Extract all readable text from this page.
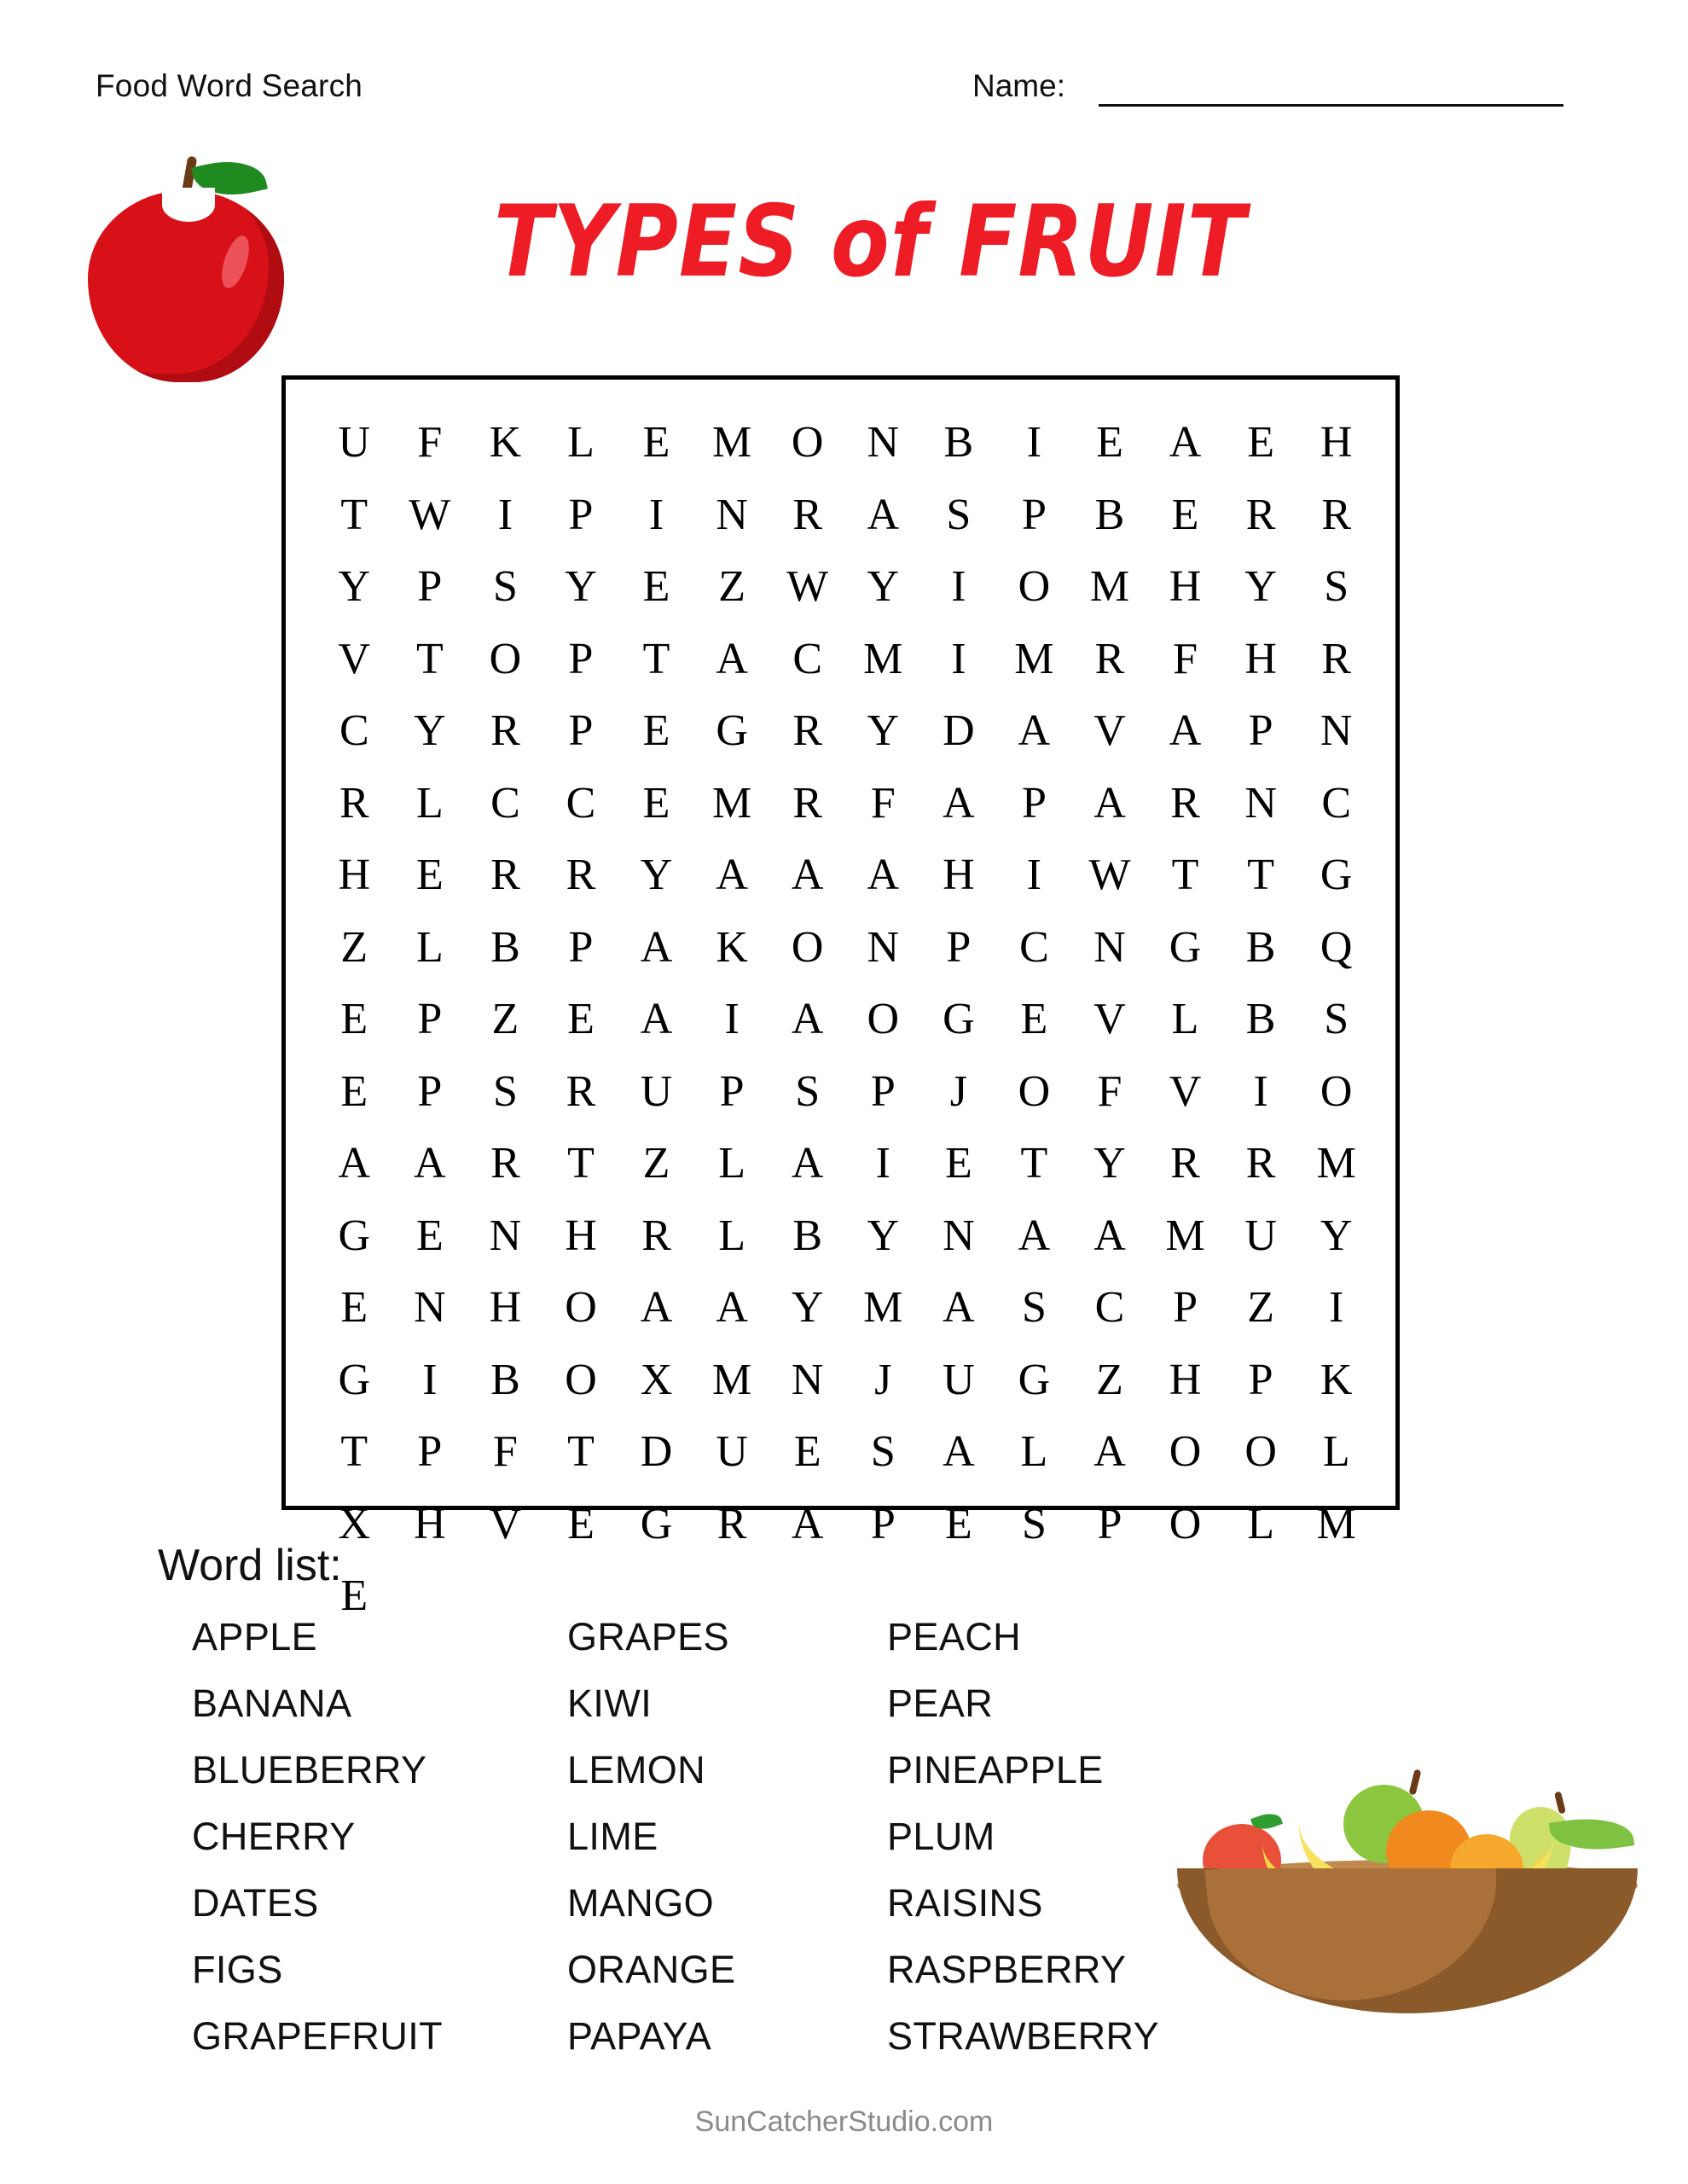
Food Word Search	Name:
TYPES of FRUIT
U	F	K	L	E M O N	B	I	E	A	E	H
T W	I	P	I	N	R	A	S	P	B	E	R	R
Y	P	S	Y	E	Z W Y	I	O M H Y	S
V	T	O	P	T	A	C M	I	M R	F	H	R
C	Y	R	P	E	G	R	Y D A V A	P	N
R	L	C	C	E M R	F	A	P	A	R	N	C
H	E	R	R	Y A A A H	I	W T	T	G
Z	L	B	P	A K O N	P	C	N G	B	Q
E	P	Z	E	A	I	A O G	E	V	L	B	S
E	P	S	R	U	P	S	P	J	O	F	V	I	O
A A	R	T	Z	L	A	I	E	T	Y	R	R M
G	E	N H	R	L	B	Y N A A M U Y
E	N H O A A Y M A	S	C	P	Z	I
G	I	B	O X M N	J	U G	Z	H	P	K
T	P	F	T	D U	E	S	A	L	A O O	L
X H V	E	G	R	A	P	E	S	P	O	L M
E
Word list:
APPLE	GRAPES	PEACH
BANANA	KIWI	PEAR
BLUEBERRY	LEMON	PINEAPPLE
CHERRY	LIME	PLUM
DATES	MANGO	RAISINS
FIGS	ORANGE	RASPBERRY
GRAPEFRUIT	PAPAYA	STRAWBERRY
SunCatcherStudio.com
